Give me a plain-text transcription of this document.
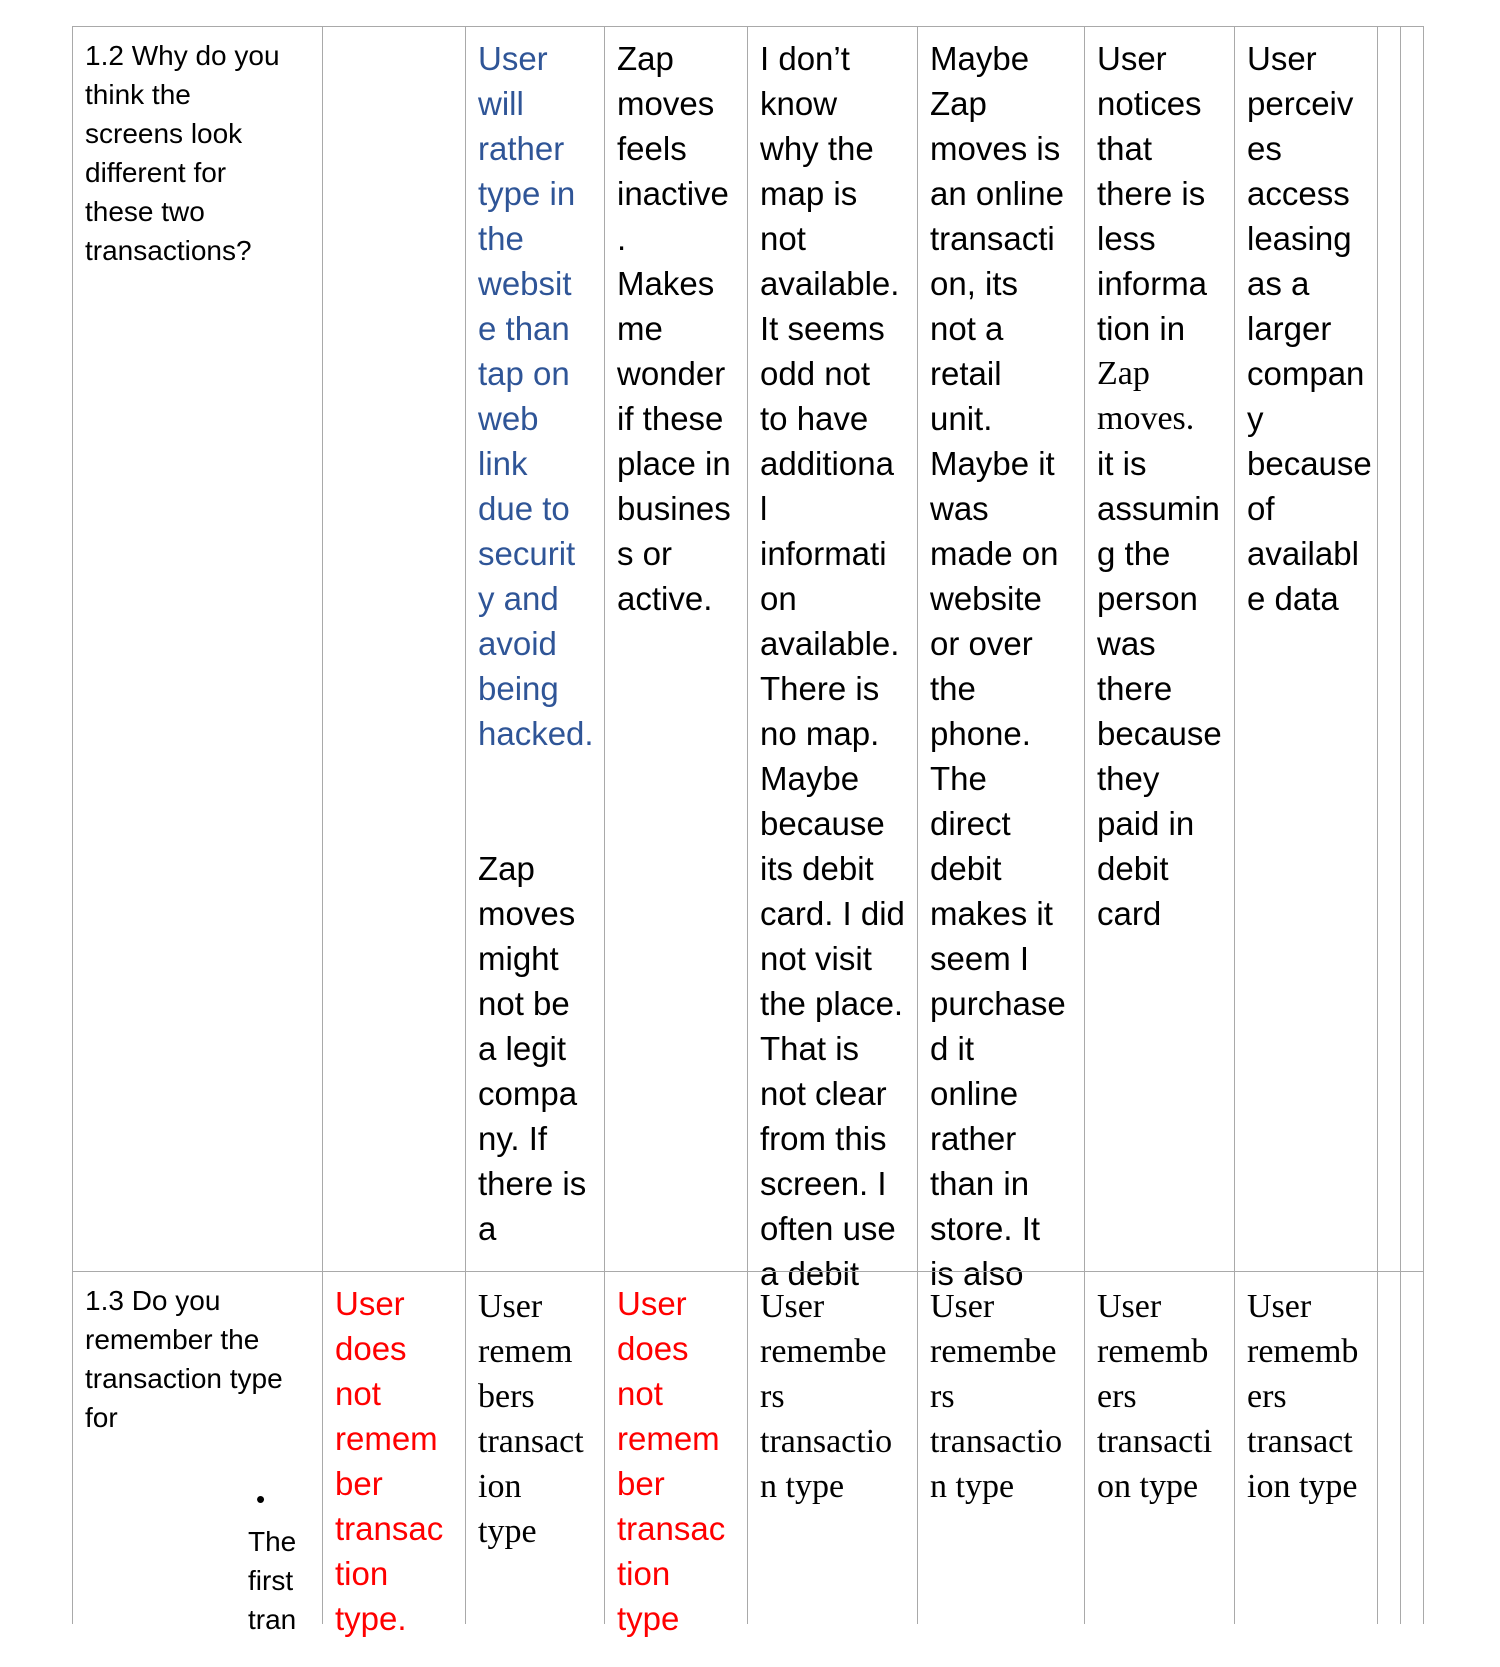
1.2 Why do you
think the
screens look
different for
these two
transactions?

User
will
rather
type in
the
websit
e than
tap on
web
link
due to
securit
y and
avoid
being
hacked.

Zap
moves
might
not be
a legit
compa
ny. If
there is
a

Zap
moves
feels
inactive
.
Makes
me
wonder
if these
place in
busines
s or
active.

I don’t
know
why the
map is
not
available.
It seems
odd not
to have
additiona
l
informati
on
available.
There is
no map.
Maybe
because
its debit
card. I did
not visit
the place.
That is
not clear
from this
screen. I
often use
a debit

Maybe
Zap
moves is
an online
transacti
on, its
not a
retail
unit.
Maybe it
was
made on
website
or over
the
phone.
The
direct
debit
makes it
seem I
purchase
d it
online
rather
than in
store. It
is also

User
notices
that
there is
less
informa
tion in

Zap
moves.

it is
assumin
g the
person
was
there
because
they
paid in
debit
card

User
perceiv
es
access
leasing
as a
larger
compan
y
because
of
availabl
e data

1.3 Do you
remember the
transaction type
for

•

The
first
tran

User
does
not
remem
ber
transac
tion
type.

User
remem
bers
transact
ion
type

User
does
not
remem
ber
transac
tion
type

User
remembe
rs
transactio
n type

User
remembe
rs
transactio
n type

User
rememb
ers
transacti
on type

User
rememb
ers
transact
ion type
